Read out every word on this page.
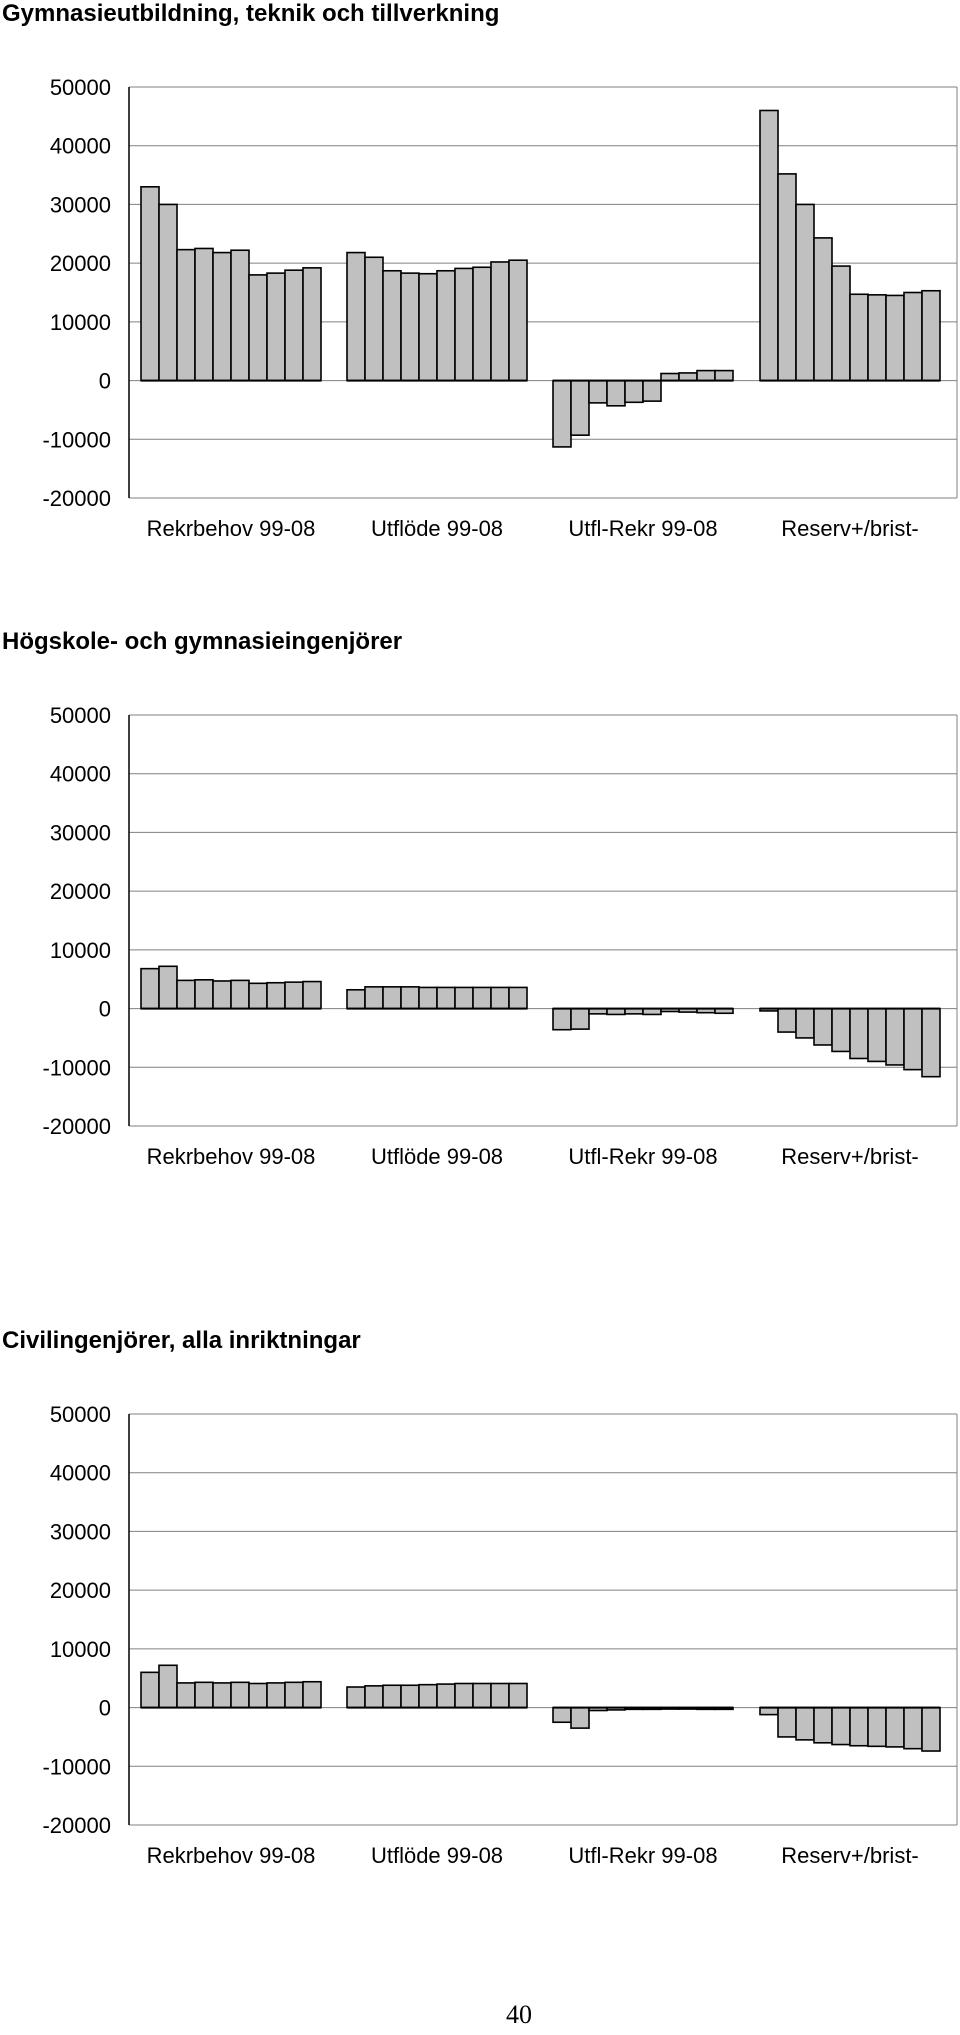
Gymnasieutbildning, teknik och tillverkning
50000
40000
30000
20000
10000
0
-10000
-20000
Rekrbehov 99-08	Utflöde 99-08	Utfl-Rekr 99-08	Reserv+/brist-
Högskole- och gymnasieingenjörer
50000
40000
30000
20000
10000
0
-10000
-20000
Rekrbehov 99-08	Utflöde 99-08	Utfl-Rekr 99-08	Reserv+/brist-
Civilingenjörer, alla inriktningar
50000
40000
30000
20000
10000
0
-10000
-20000
Rekrbehov 99-08	Utflöde 99-08	Utfl-Rekr 99-08	Reserv+/brist-
40
